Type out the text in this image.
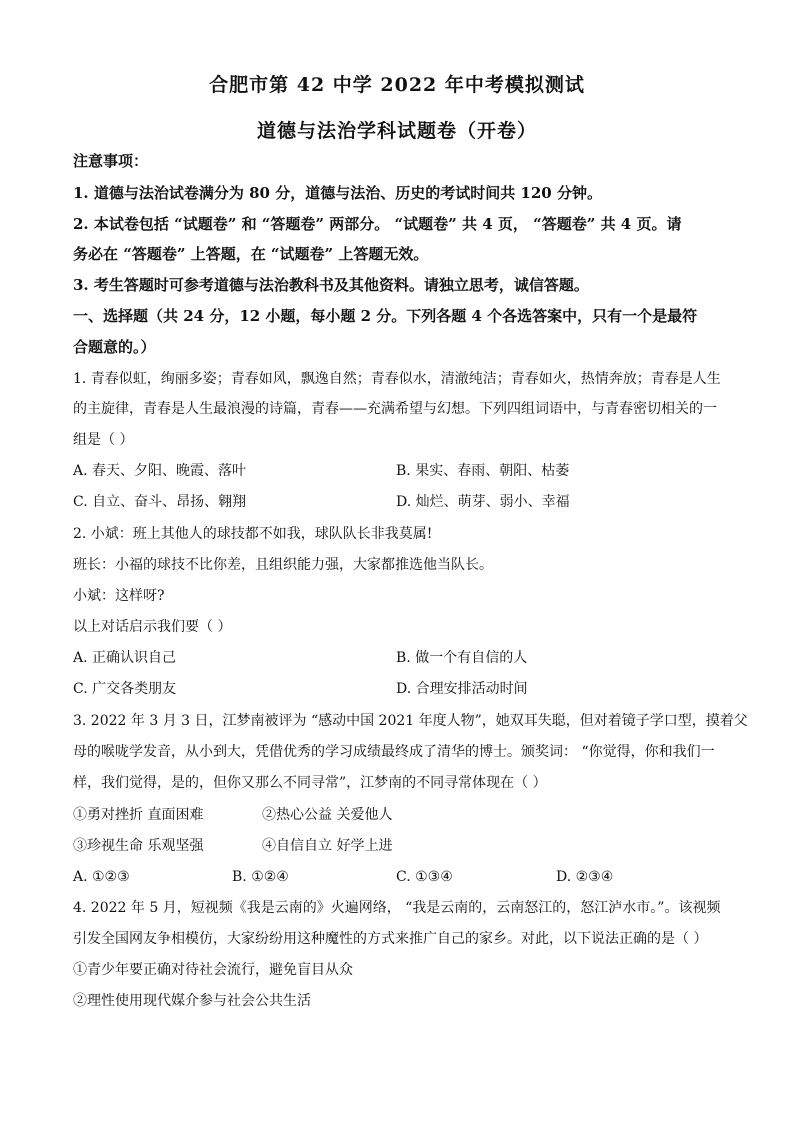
合肥市第 42 中学 2022 年中考模拟测试
道德与法治学科试题卷（开卷）
注意事项：
1. 道德与法治试卷满分为 80 分，道德与法治、历史的考试时间共 120 分钟。
2. 本试卷包括 “试题卷” 和 “答题卷” 两部分。 “试题卷” 共 4 页， “答题卷” 共 4 页。请
务必在 “答题卷” 上答题，在 “试题卷” 上答题无效。
3. 考生答题时可参考道德与法治教科书及其他资料。请独立思考，诚信答题。
一、选择题（共 24 分，12 小题，每小题 2 分。下列各题 4 个各选答案中，只有一个是最符
合题意的。）
1. 青春似虹，绚丽多姿；青春如风，飘逸自然；青春似水，清澈纯洁；青春如火，热情奔放；青春是人生
的主旋律，青春是人生最浪漫的诗篇，青春——充满希望与幻想。下列四组词语中，与青春密切相关的一
组是（ ）
A. 春天、夕阳、晚霞、落叶	B. 果实、春雨、朝阳、枯萎
C. 自立、奋斗、昂扬、翱翔	D. 灿烂、萌芽、弱小、幸福
2. 小斌：班上其他人的球技都不如我，球队队长非我莫属!
班长：小福的球技不比你差，且组织能力强，大家都推选他当队长。
小斌：这样呀?
以上对话启示我们要（ ）
A. 正确认识自己	B. 做一个有自信的人
C. 广交各类朋友	D. 合理安排活动时间
3. 2022 年 3 月 3 日，江梦南被评为 “感动中国 2021 年度人物”，她双耳失聪，但对着镜子学口型，摸着父
母的喉咙学发音，从小到大，凭借优秀的学习成绩最终成了清华的博士。颁奖词： “你觉得，你和我们一
样，我们觉得，是的，但你又那么不同寻常”，江梦南的不同寻常体现在（ ）
①勇对挫折 直面困难	②热心公益 关爱他人
③珍视生命 乐观坚强	④自信自立 好学上进
A. ①②③	B. ①②④	C. ①③④	D. ②③④
4. 2022 年 5 月，短视频《我是云南的》火遍网络， “我是云南的，云南怒江的，怒江泸水市。”。该视频
引发全国网友争相模仿，大家纷纷用这种魔性的方式来推广自己的家乡。对此，以下说法正确的是（ ）
①青少年要正确对待社会流行，避免盲目从众
②理性使用现代媒介参与社会公共生活
